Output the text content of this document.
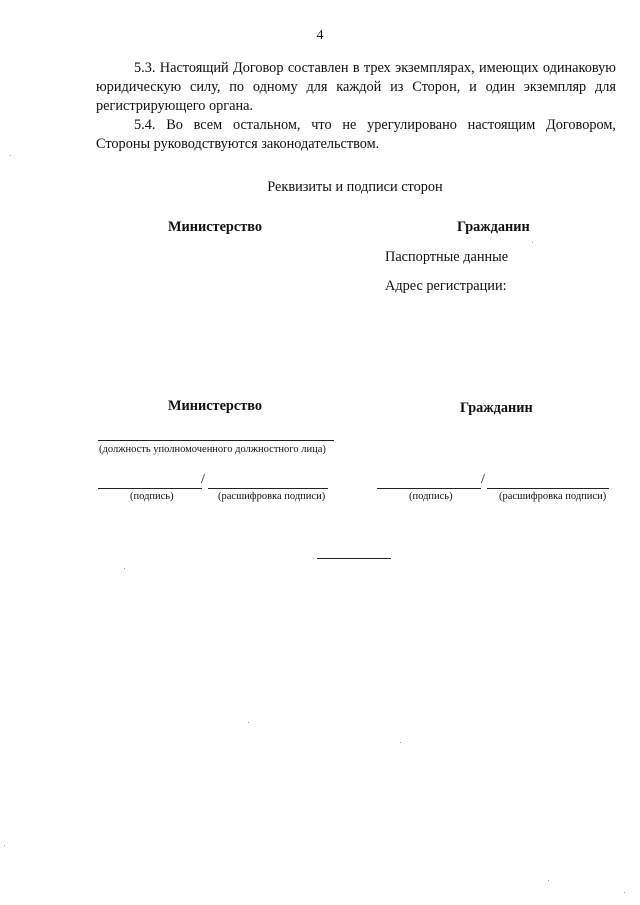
4

5.3. Настоящий Договор составлен в трех экземплярах, имеющих одинаковую юридическую силу, по одному для каждой из Сторон, и один экземпляр для регистрирующего органа.

5.4. Во всем остальном, что не урегулировано настоящим Договором, Стороны руководствуются законодательством.

Реквизиты и подписи сторон
Министерство	Гражданин
Паспортные данные
Адрес регистрации:
Министерство	Гражданин
(должность уполномоченного должностного лица)
/
(подпись)	(расшифровка подписи)
/
(подпись)	(расшифровка подписи)
